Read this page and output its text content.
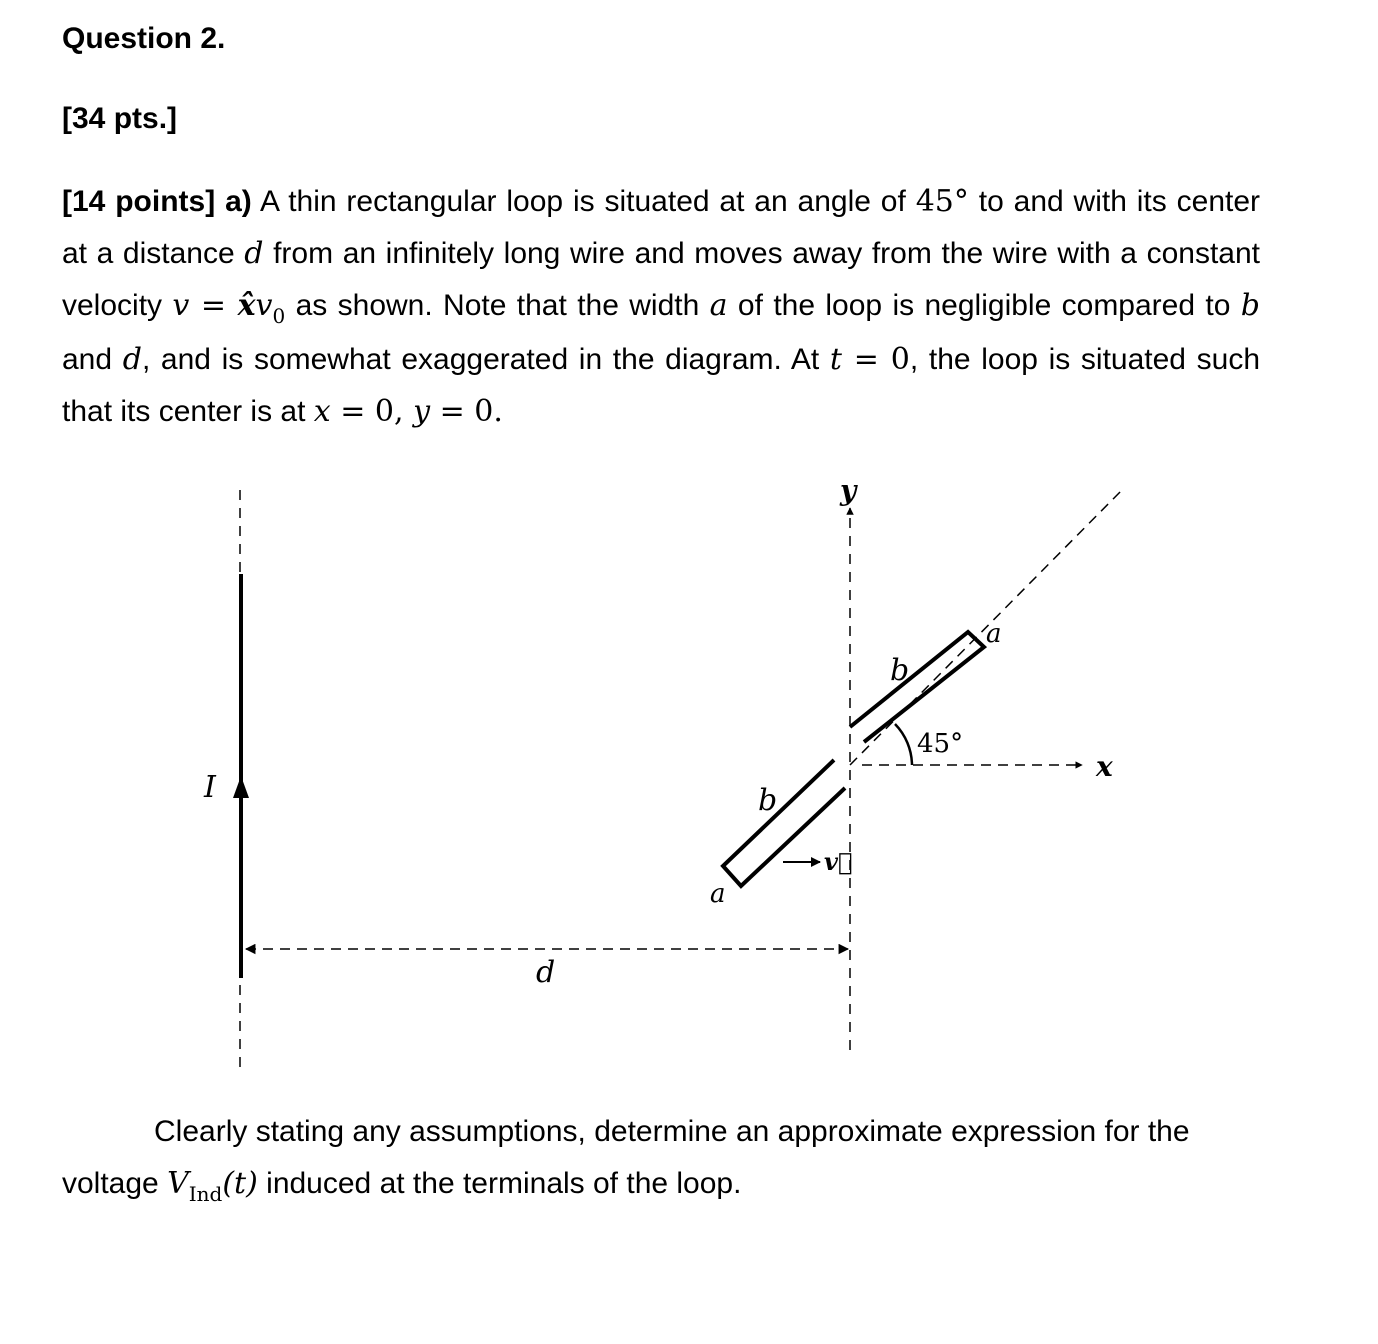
Question 2.
[34 pts.]
[14 points] a) A thin rectangular loop is situated at an angle of 45° to and with its center at a distance d from an infinitely long wire and moves away from the wire with a constant velocity $v = x̂v_0$ as shown. Note that the width a of the loop is negligible compared to b and d, and is somewhat exaggerated in the diagram. At t = 0, the loop is situated such that its center is at x = 0, y = 0.
I
d
y
x
45°
b
b
a
a
v⃗
Clearly stating any assumptions, determine an approximate expression for the voltage $V_{Ind}(t)$ induced at the terminals of the loop.
